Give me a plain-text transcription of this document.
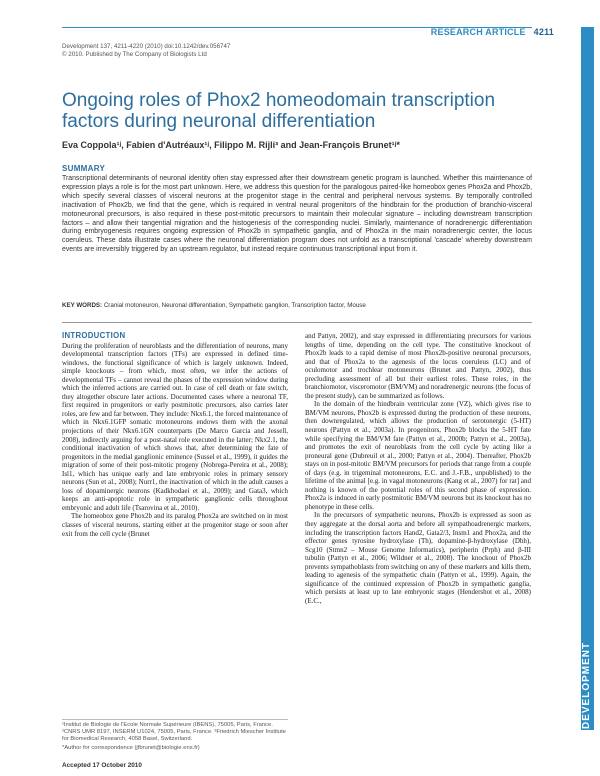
RESEARCH ARTICLE 4211
DEVELOPMENT
Development 137, 4211-4220 (2010) doi:10.1242/dev.056747
© 2010. Published by The Company of Biologists Ltd
Ongoing roles of Phox2 homeodomain transcription factors during neuronal differentiation
Eva Coppola¹ʲ, Fabien d'Autréaux¹ʲ, Filippo M. Rijli³ and Jean-François Brunet¹ʲ*
SUMMARY
Transcriptional determinants of neuronal identity often stay expressed after their downstream genetic program is launched. Whether this maintenance of expression plays a role is for the most part unknown. Here, we address this question for the paralogous paired-like homeobox genes Phox2a and Phox2b, which specify several classes of visceral neurons at the progenitor stage in the central and peripheral nervous systems. By temporally controlled inactivation of Phox2b, we find that the gene, which is required in ventral neural progenitors of the hindbrain for the production of branchio-visceral motoneuronal precursors, is also required in these post-mitotic precursors to maintain their molecular signature – including downstream transcription factors – and allow their tangential migration and the histogenesis of the corresponding nuclei. Similarly, maintenance of noradrenergic differentiation during embryogenesis requires ongoing expression of Phox2b in sympathetic ganglia, and of Phox2a in the main noradrenergic center, the locus coeruleus. These data illustrate cases where the neuronal differentiation program does not unfold as a transcriptional 'cascade' whereby downstream events are irreversibly triggered by an upstream regulator, but instead require continuous transcriptional input from it.
KEY WORDS: Cranial motoneuron, Neuronal differentiation, Sympathetic ganglion, Transcription factor, Mouse
INTRODUCTION

During the proliferation of neuroblasts and the differentiation of neurons, many developmental transcription factors (TFs) are expressed in defined time-windows, the functional significance of which is largely unknown. Indeed, simple knockouts – from which, most often, we infer the actions of developmental TFs – cannot reveal the phases of the expression window during which the inferred actions are carried out. In case of cell death or fate switch, they altogether obscure later actions. Documented cases where a neuronal TF, first required in progenitors or early postmitotic precursors, also carries later roles, are few and far between. They include: Nkx6.1, the forced maintenance of which in Nkx6.1GFP somatic motoneurons endows them with the axonal projections of their Nkx6.1GN counterparts (De Marco Garcia and Jessell, 2008), indirectly arguing for a post-natal role executed in the latter; Nkx2.1, the conditional inactivation of which shows that, after determining the fate of progenitors in the medial ganglionic eminence (Sussel et al., 1999), it guides the migration of some of their post-mitotic progeny (Nobrega-Pereira et al., 2008); Isl1, which has unique early and late embryonic roles in primary sensory neurons (Sun et al., 2008); Nurr1, the inactivation of which in the adult causes a loss of dopaminergic neurons (Kadkhodaei et al., 2009); and Gata3, which keeps an anti-apoptotic role in sympathetic ganglionic cells throughout embryonic and adult life (Tsarovina et al., 2010).

The homeobox gene Phox2b and its paralog Phox2a are switched on in most classes of visceral neurons, starting either at the progenitor stage or soon after exit from the cell cycle (Brunet

and Pattyn, 2002), and stay expressed in differentiating precursors for various lengths of time, depending on the cell type. The constitutive knockout of Phox2b leads to a rapid demise of most Phox2b-positive neuronal precursors, and that of Phox2a to the agenesis of the locus coeruleus (LC) and of oculomotor and trochlear motoneurons (Brunet and Pattyn, 2002), thus precluding assessment of all but their earliest roles. These roles, in the branchiomotor, visceromotor (BM/VM) and noradrenergic neurons (the focus of the present study), can be summarized as follows.

In the domain of the hindbrain ventricular zone (VZ), which gives rise to BM/VM neurons, Phox2b is expressed during the production of these neurons, then downregulated, which allows the production of serotonergic (5-HT) neurons (Pattyn et al., 2003a). In progenitors, Phox2b blocks the 5-HT fate while specifying the BM/VM fate (Pattyn et al., 2000b; Pattyn et al., 2003a), and promotes the exit of neuroblasts from the cell cycle by acting like a proneural gene (Dubreuil et al., 2000; Pattyn et al., 2004). Thereafter, Phox2b stays on in post-mitotic BM/VM precursors for periods that range from a couple of days (e.g. in trigeminal motoneurons, E.C. and J.-F.B., unpublished) to the lifetime of the animal [e.g. in vagal motoneurons (Kang et al., 2007) for rat] and nothing is known of the potential roles of this second phase of expression. Phox2a is induced in early postmitotic BM/VM neurons but its knockout has no phenotype in these cells.

In the precursors of sympathetic neurons, Phox2b is expressed as soon as they aggregate at the dorsal aorta and before all sympathoadrenergic markers, including the transcription factors Hand2, Gata2/3, Insm1 and Phox2a, and the effector genes tyrosine hydroxylase (Th), dopamine-β-hydroxylase (Dbh), Scg10 (Stmn2 – Mouse Genome Informatics), peripherin (Prph) and β-III tubulin (Pattyn et al., 2006; Wildner et al., 2008). The knockout of Phox2b prevents sympathoblasts from switching on any of these markers and kills them, leading to agenesis of the sympathetic chain (Pattyn et al., 1999). Again, the significance of the continued expression of Phox2b in sympathetic ganglia, which persists at least up to late embryonic stages (Hendershot et al., 2008) (E.C.,

¹Institut de Biologie de l'Ecole Normale Supérieure (IBENS), 75005, Paris, France.
²CNRS UMR 8197, INSERM U1024, 75005, Paris, France. ³Friedrich Miescher Institute for Biomedical Research, 4058 Basel, Switzerland.
*Author for correspondence (jfbrunet@biologie.ens.fr)
Accepted 17 October 2010
